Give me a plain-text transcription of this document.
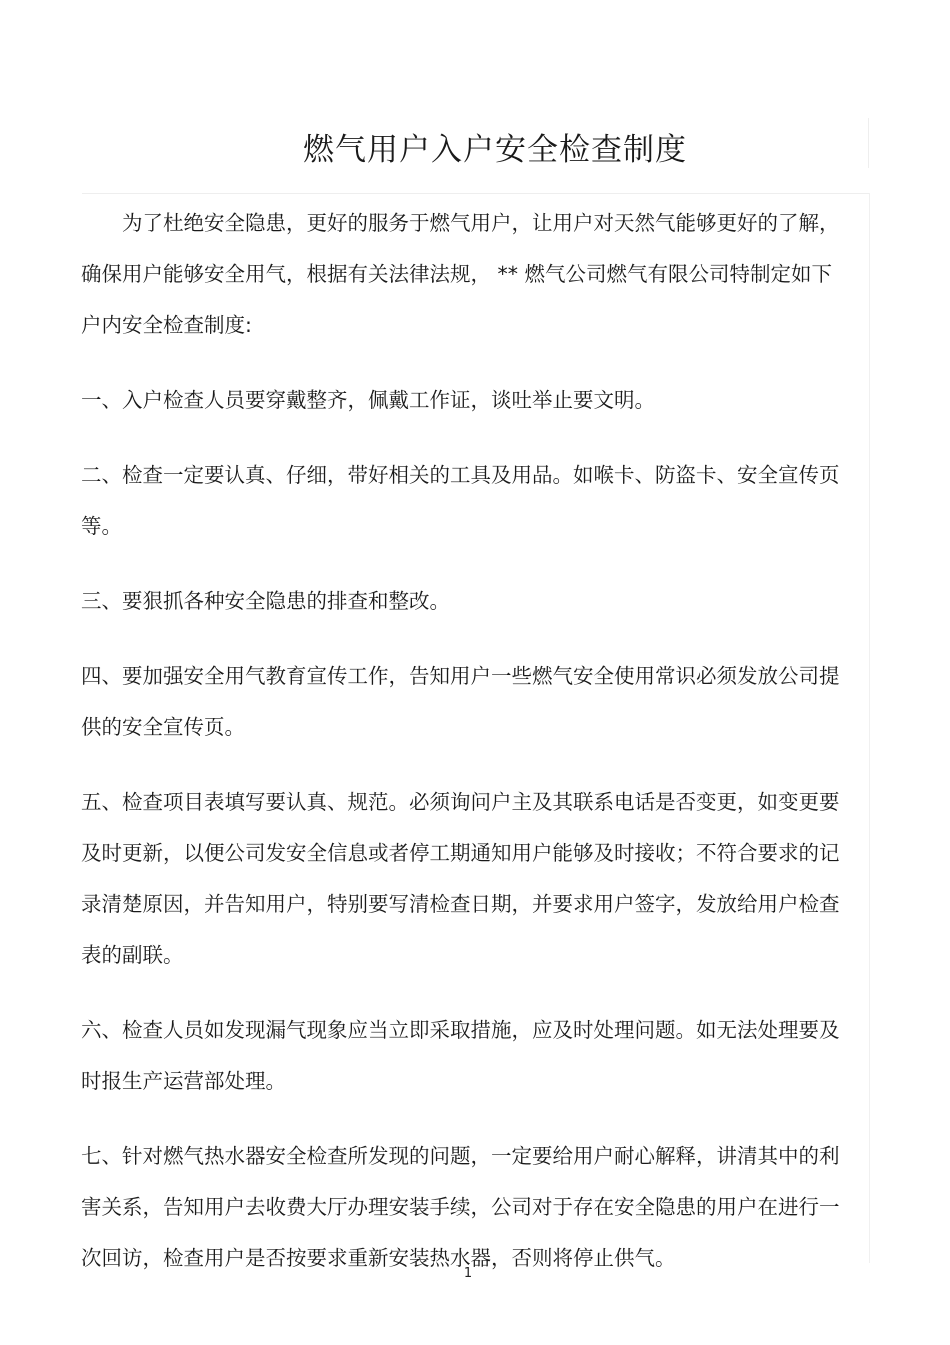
燃气用户入户安全检查制度

为了杜绝安全隐患，更好的服务于燃气用户，让用户对天然气能够更好的了解，确保用户能够安全用气，根据有关法律法规， ** 燃气公司燃气有限公司特制定如下户内安全检查制度:

一、入户检查人员要穿戴整齐，佩戴工作证，谈吐举止要文明。

二、检查一定要认真、仔细，带好相关的工具及用品。如喉卡、防盗卡、安全宣传页等。

三、要狠抓各种安全隐患的排查和整改。

四、要加强安全用气教育宣传工作，告知用户一些燃气安全使用常识必须发放公司提供的安全宣传页。

五、检查项目表填写要认真、规范。必须询问户主及其联系电话是否变更，如变更要及时更新，以便公司发安全信息或者停工期通知用户能够及时接收；不符合要求的记录清楚原因，并告知用户，特别要写清检查日期，并要求用户签字，发放给用户检查表的副联。

六、检查人员如发现漏气现象应当立即采取措施，应及时处理问题。如无法处理要及时报生产运营部处理。

七、针对燃气热水器安全检查所发现的问题，一定要给用户耐心解释，讲清其中的利害关系，告知用户去收费大厅办理安装手续，公司对于存在安全隐患的用户在进行一次回访，检查用户是否按要求重新安装热水器，否则将停止供气。

1
